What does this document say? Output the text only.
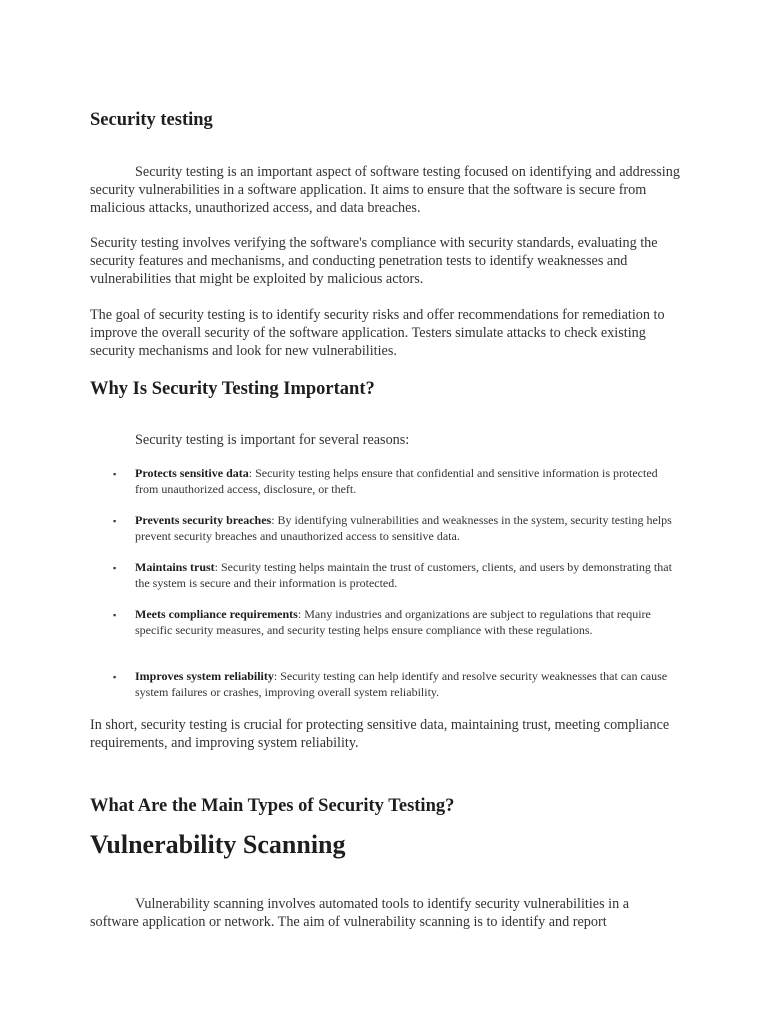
Security testing

Security testing is an important aspect of software testing focused on identifying and addressing security vulnerabilities in a software application. It aims to ensure that the software is secure from malicious attacks, unauthorized access, and data breaches.

Security testing involves verifying the software's compliance with security standards, evaluating the security features and mechanisms, and conducting penetration tests to identify weaknesses and vulnerabilities that might be exploited by malicious actors.

The goal of security testing is to identify security risks and offer recommendations for remediation to improve the overall security of the software application. Testers simulate attacks to check existing security mechanisms and look for new vulnerabilities.

Why Is Security Testing Important?

Security testing is important for several reasons:

▪ Protects sensitive data: Security testing helps ensure that confidential and sensitive information is protected from unauthorized access, disclosure, or theft.
▪ Prevents security breaches: By identifying vulnerabilities and weaknesses in the system, security testing helps prevent security breaches and unauthorized access to sensitive data.
▪ Maintains trust: Security testing helps maintain the trust of customers, clients, and users by demonstrating that the system is secure and their information is protected.
▪ Meets compliance requirements: Many industries and organizations are subject to regulations that require specific security measures, and security testing helps ensure compliance with these regulations.
▪ Improves system reliability: Security testing can help identify and resolve security weaknesses that can cause system failures or crashes, improving overall system reliability.

In short, security testing is crucial for protecting sensitive data, maintaining trust, meeting compliance requirements, and improving system reliability.

What Are the Main Types of Security Testing?
Vulnerability Scanning

Vulnerability scanning involves automated tools to identify security vulnerabilities in a software application or network. The aim of vulnerability scanning is to identify and report
